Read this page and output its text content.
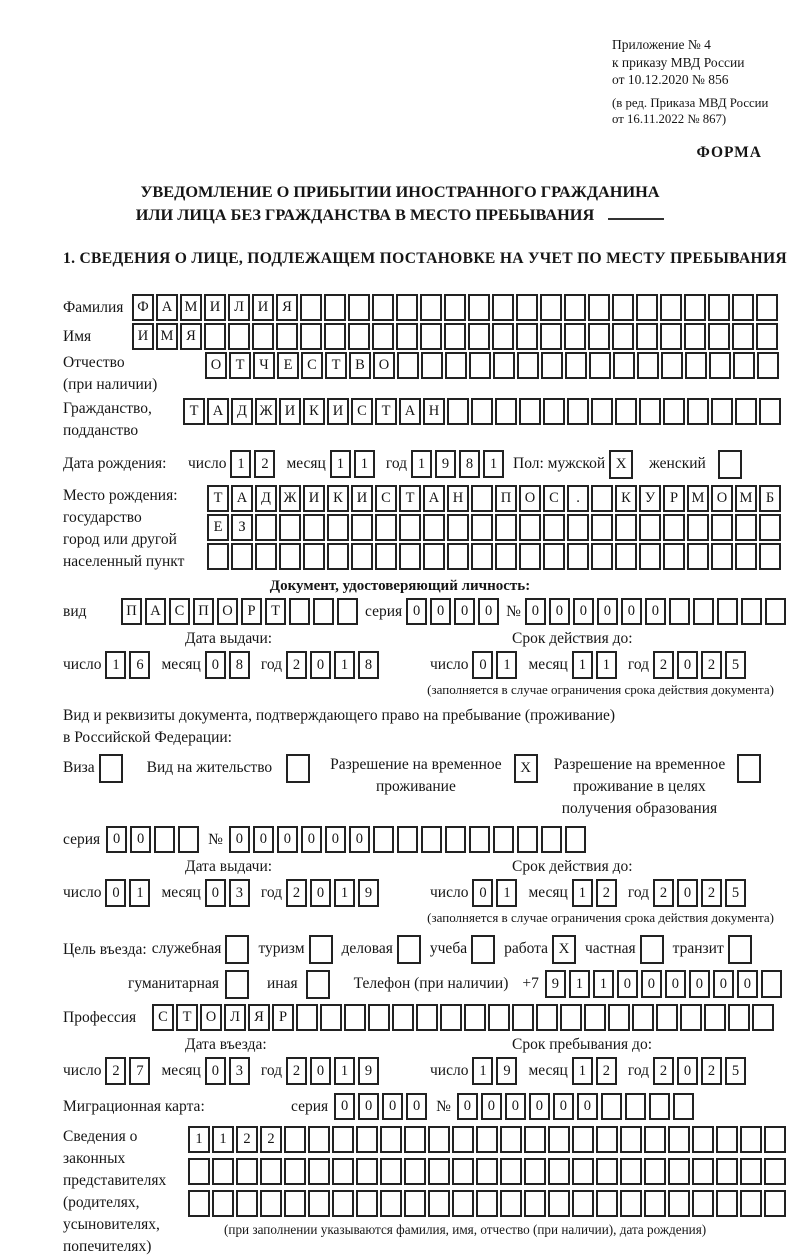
Приложение № 4
к приказу МВД России
от 10.12.2020 № 856
(в ред. Приказа МВД России
от 16.11.2022 № 867)
ФОРМА
УВЕДОМЛЕНИЕ О ПРИБЫТИИ ИНОСТРАННОГО ГРАЖДАНИНА
ИЛИ ЛИЦА БЕЗ ГРАЖДАНСТВА В МЕСТО ПРЕБЫВАНИЯ
1. СВЕДЕНИЯ О ЛИЦЕ, ПОДЛЕЖАЩЕМ ПОСТАНОВКЕ НА УЧЕТ ПО МЕСТУ ПРЕБЫВАНИЯ
Фамилия Ф А М И Л И Я
Имя	И М Я
Отчество
(при наличии)
О Т Ч Е С Т В О
Гражданство,
подданство
Т А Д Ж И К И С Т А Н
Дата рождения:	число 1 2 месяц 1 1 год 1 9 8 1	Пол: мужской X	женский
Место рождения:
государство
город или другой
населенный пункт
Т А Д Ж И К И С Т А Н	П О С .	К У Р М О М Б
Е З
Документ, удостоверяющий личность:
вид	П А С П О Р Т	серия 0 0 0 0 № 0 0 0 0 0 0
Дата выдачи:	Срок действия до:
число 1 6 месяц 0 8 год 2 0 1 8	число 0 1 месяц 1 1 год 2 0 2 5
(заполняется в случае ограничения срока действия документа)
Вид и реквизиты документа, подтверждающего право на пребывание (проживание)
в Российской Федерации:
Виза	Вид на жительство	Разрешение на временное
проживание
X	Разрешение на временное
проживание в целях
получения образования
серия 0 0	№ 0 0 0 0 0 0
Дата выдачи:	Срок действия до:
число 0 1 месяц 0 3 год 2 0 1 9	число 0 1 месяц 1 2 год 2 0 2 5
(заполняется в случае ограничения срока действия документа)
Цель въезда: служебная туризм деловая учеба работа X	частная транзит
гуманитарная	иная	Телефон (при наличии) +7 9 1 1 0 0 0 0 0 0
Профессия	С Т О Л Я Р
Дата въезда:	Срок пребывания до:
число 2 7 месяц 0 3 год 2 0 1 9	число 1 9 месяц 1 2 год 2 0 2 5
Миграционная карта:	серия 0 0 0 0	№ 0 0 0 0 0 0
Сведения о
законных
представителях
(родителях,
усыновителях,
попечителях)
1 1 2 2
(при заполнении указываются фамилия, имя, отчество (при наличии), дата рождения)
